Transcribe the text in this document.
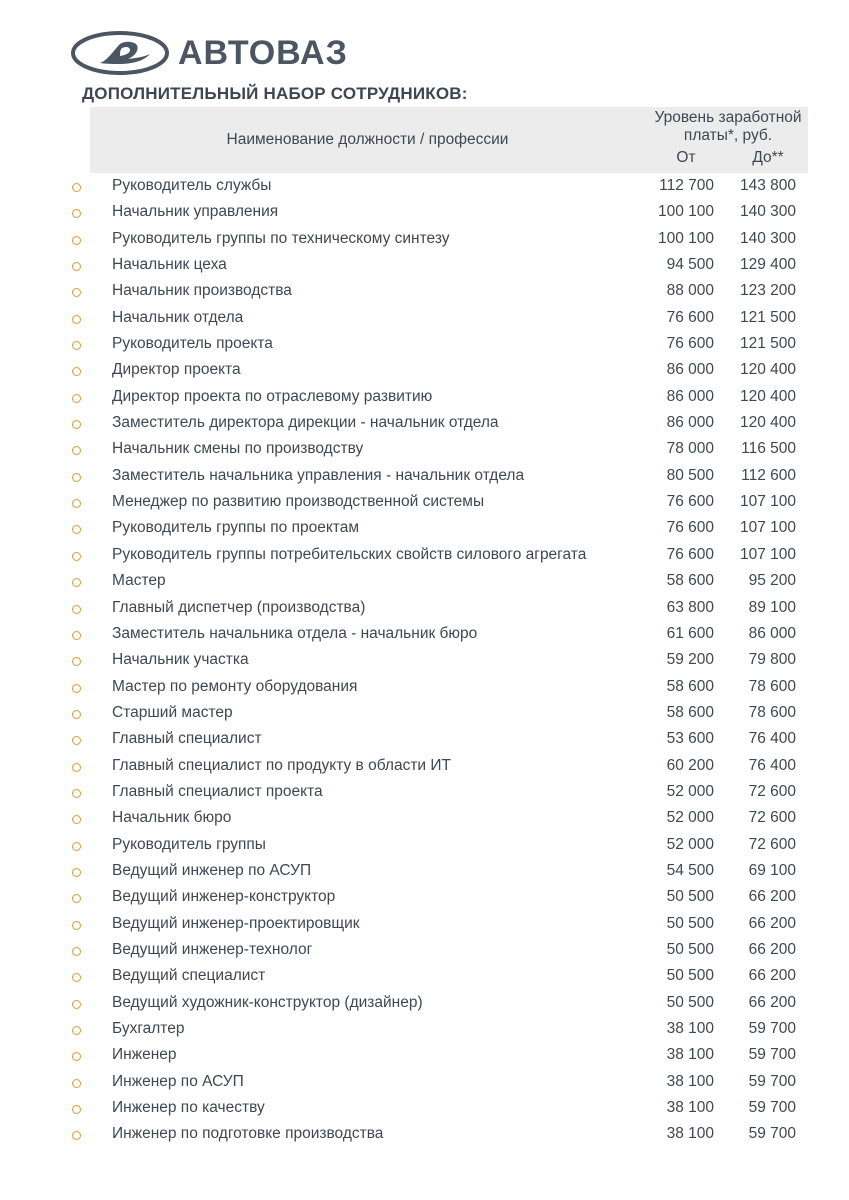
АВТОВАЗ
ДОПОЛНИТЕЛЬНЫЙ НАБОР СОТРУДНИКОВ:
Наименование должности / профессии
Уровень заработной платы*, руб.
От	До**
Руководитель службы	112 700	143 800
Начальник управления	100 100	140 300
Руководитель группы по техническому синтезу	100 100	140 300
Начальник цеха	94 500	129 400
Начальник производства	88 000	123 200
Начальник отдела	76 600	121 500
Руководитель проекта	76 600	121 500
Директор проекта	86 000	120 400
Директор проекта по отраслевому развитию	86 000	120 400
Заместитель директора дирекции - начальник отдела	86 000	120 400
Начальник смены по производству	78 000	116 500
Заместитель начальника управления - начальник отдела	80 500	112 600
Менеджер по развитию производственной системы	76 600	107 100
Руководитель группы по проектам	76 600	107 100
Руководитель группы потребительских свойств силового агрегата	76 600	107 100
Мастер	58 600	95 200
Главный диспетчер (производства)	63 800	89 100
Заместитель начальника отдела - начальник бюро	61 600	86 000
Начальник участка	59 200	79 800
Мастер по ремонту оборудования	58 600	78 600
Старший мастер	58 600	78 600
Главный специалист	53 600	76 400
Главный специалист по продукту в области ИТ	60 200	76 400
Главный специалист проекта	52 000	72 600
Начальник бюро	52 000	72 600
Руководитель группы	52 000	72 600
Ведущий инженер по АСУП	54 500	69 100
Ведущий инженер-конструктор	50 500	66 200
Ведущий инженер-проектировщик	50 500	66 200
Ведущий инженер-технолог	50 500	66 200
Ведущий специалист	50 500	66 200
Ведущий художник-конструктор (дизайнер)	50 500	66 200
Бухгалтер	38 100	59 700
Инженер	38 100	59 700
Инженер по АСУП	38 100	59 700
Инженер по качеству	38 100	59 700
Инженер по подготовке производства	38 100	59 700
